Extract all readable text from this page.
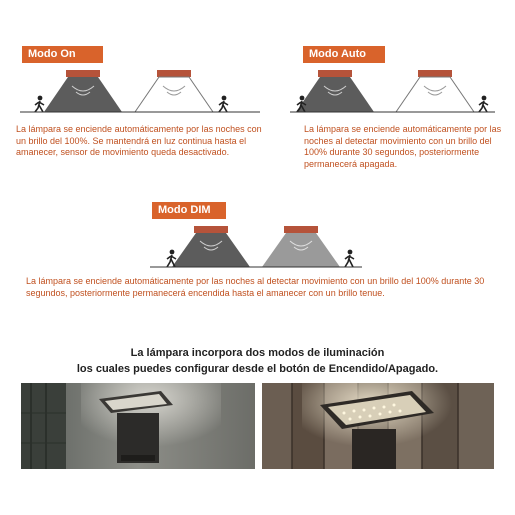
Modo On
La lámpara se enciende automáticamente por las noches con un brillo del 100%. Se mantendrá en luz continua hasta el amanecer, sensor de movimiento queda desactivado.
Modo Auto
La lámpara se enciende automáticamente por las noches al detectar movimiento con un brillo del 100% durante 30 segundos, posteriormente permanecerá apagada.
Modo DIM
La lámpara se enciende automáticamente por las noches al detectar movimiento con un brillo del 100% durante 30 segundos, posteriormente permanecerá encendida hasta el amanecer con un brillo tenue.
La lámpara incorpora dos modos de iluminación
los cuales puedes configurar desde el botón de Encendido/Apagado.
